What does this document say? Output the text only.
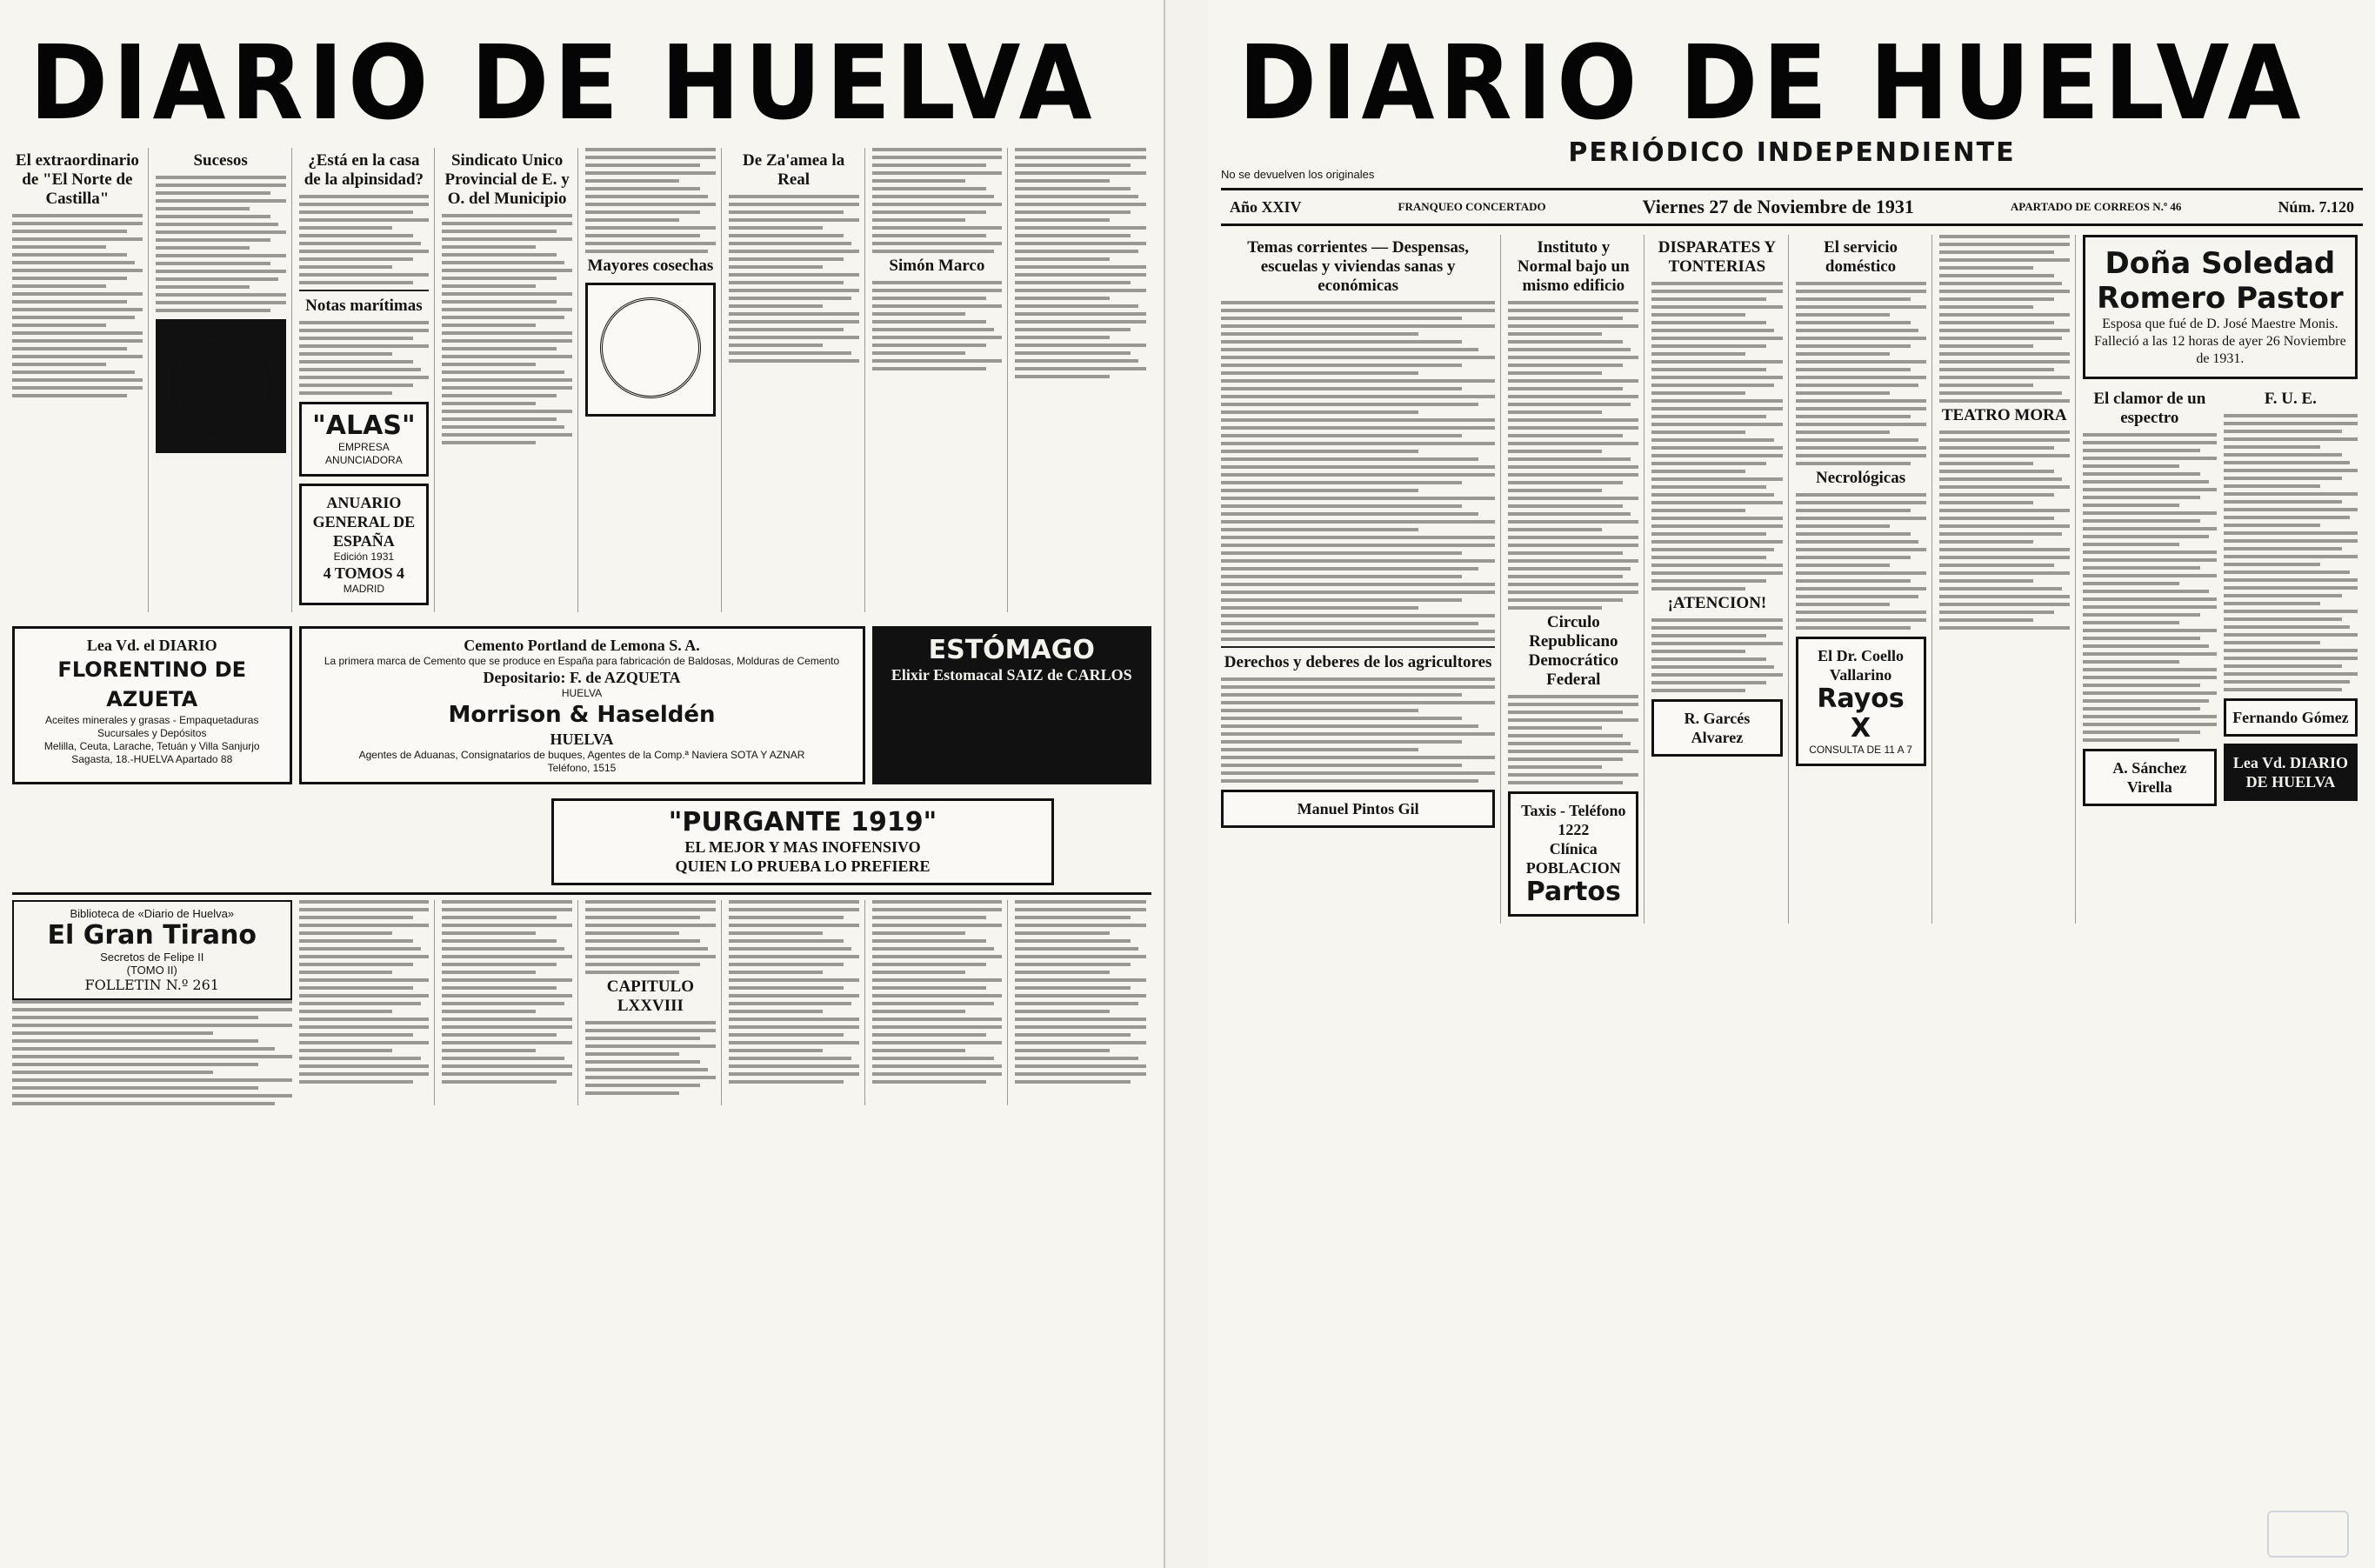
DIARIO DE HUELVA
El extraordinario de "El Norte de Castilla"
Sucesos	¿Está en la casa de la alpinsidad?
Notas marítimas
"ALAS"
EMPRESA ANUNCIADORA
ANUARIO GENERAL DE ESPAÑA
Edición 1931
4 TOMOS 4
MADRID
Sindicato Unico Provincial de E. y O. del Municipio
Mayores cosechas
De Za'amea la Real
Simón Marco
Lea Vd. el DIARIO
FLORENTINO DE AZUETA
Aceites minerales y grasas - Empaquetaduras
Sucursales y Depósitos
Melilla, Ceuta, Larache, Tetuán y Villa Sanjurjo
Sagasta, 18.-HUELVA Apartado 88
Cemento Portland de Lemona S. A.
La primera marca de Cemento que se produce en España para fabricación de Baldosas, Molduras de Cemento
Depositario: F. de AZQUETA
HUELVA
Morrison & Haseldén
HUELVA
Agentes de Aduanas, Consignatarios de buques, Agentes de la Comp.ª Naviera SOTA Y AZNAR
Teléfono, 1515
ESTÓMAGO
Elixir Estomacal SAIZ de CARLOS
"PURGANTE 1919"
EL MEJOR Y MAS INOFENSIVO
QUIEN LO PRUEBA LO PREFIERE
Biblioteca de «Diario de Huelva»
El Gran Tirano
Secretos de Felipe II
(TOMO II)
FOLLETIN N.º 261	CAPITULO LXXVIII
DIARIO DE HUELVA
PERIÓDICO INDEPENDIENTE
No se devuelven los originales
Año XXIV	FRANQUEO CONCERTADO	Viernes 27 de Noviembre de 1931	APARTADO DE CORREOS N.º 46	Núm. 7.120
Temas corrientes — Despensas, escuelas y viviendas sanas y económicas
Derechos y deberes de los agricultores
Manuel Pintos Gil
Instituto y Normal bajo un mismo edificio
Circulo Republicano Democrático Federal
Taxis - Teléfono 1222
Clínica POBLACION
Partos
DISPARATES Y TONTERIAS
¡ATENCION!
R. Garcés Alvarez
El servicio doméstico
Necrológicas
El Dr. Coello Vallarino
Rayos X
CONSULTA DE 11 A 7
TEATRO MORA
Doña Soledad Romero Pastor
Esposa que fué de D. José Maestre Monis. Falleció a las 12 horas de ayer 26 Noviembre de 1931.
El clamor de un espectro
A. Sánchez Virella
F. U. E.
Fernando Gómez
Lea Vd. DIARIO DE HUELVA
